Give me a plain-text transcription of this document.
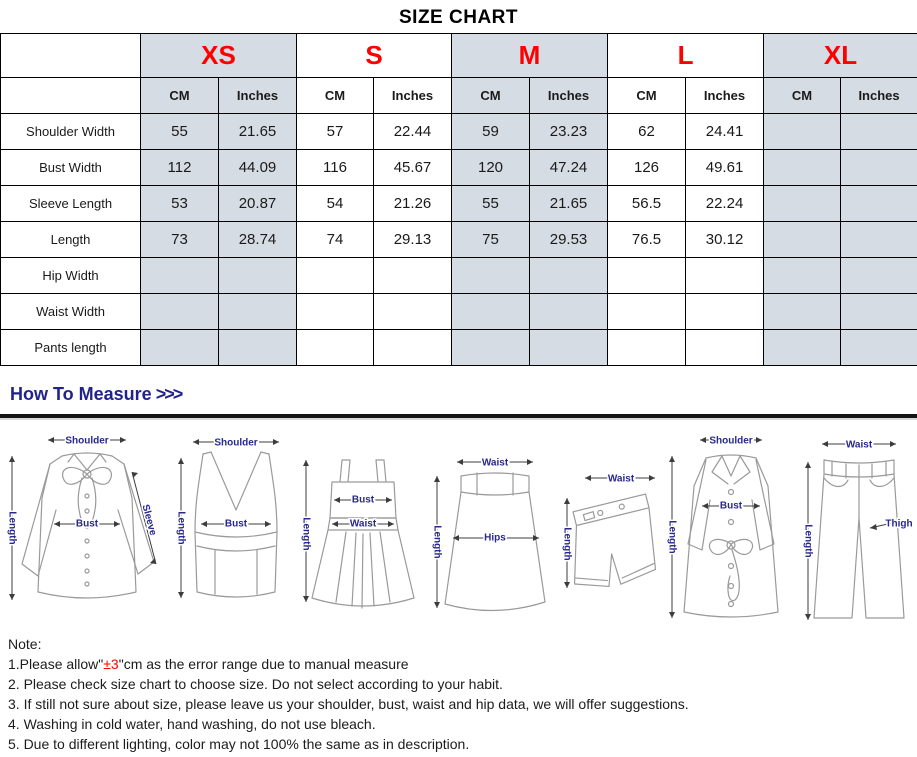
SIZE CHART
	XS		S		M		L		XL	
	CM	Inches	CM	Inches	CM	Inches	CM	Inches	CM	Inches
Shoulder Width	55	21.65	57	22.44	59	23.23	62	24.41		
Bust Width	112	44.09	116	45.67	120	47.24	126	49.61		
Sleeve Length	53	20.87	54	21.26	55	21.65	56.5	22.24		
Length	73	28.74	74	29.13	75	29.53	76.5	30.12		
Hip Width										
Waist Width										
Pants length										
How To Measure >>>
Shoulder
Bust
Length	Sleeve
Shoulder
Bust
Length
Bust
Waist
Length
Waist
Hips
Length
Waist
Length
Shoulder
Bust
Length
Waist
Thigh
Length
Note:
1.Please allow"±3"cm as the error range due to manual measure
2. Please check size chart to choose size. Do not select according to your habit.
3. If still not sure about size, please leave us your shoulder, bust, waist and hip data, we will offer suggestions.
4. Washing in cold water, hand washing, do not use bleach.
5. Due to different lighting, color may not 100% the same as in description.
